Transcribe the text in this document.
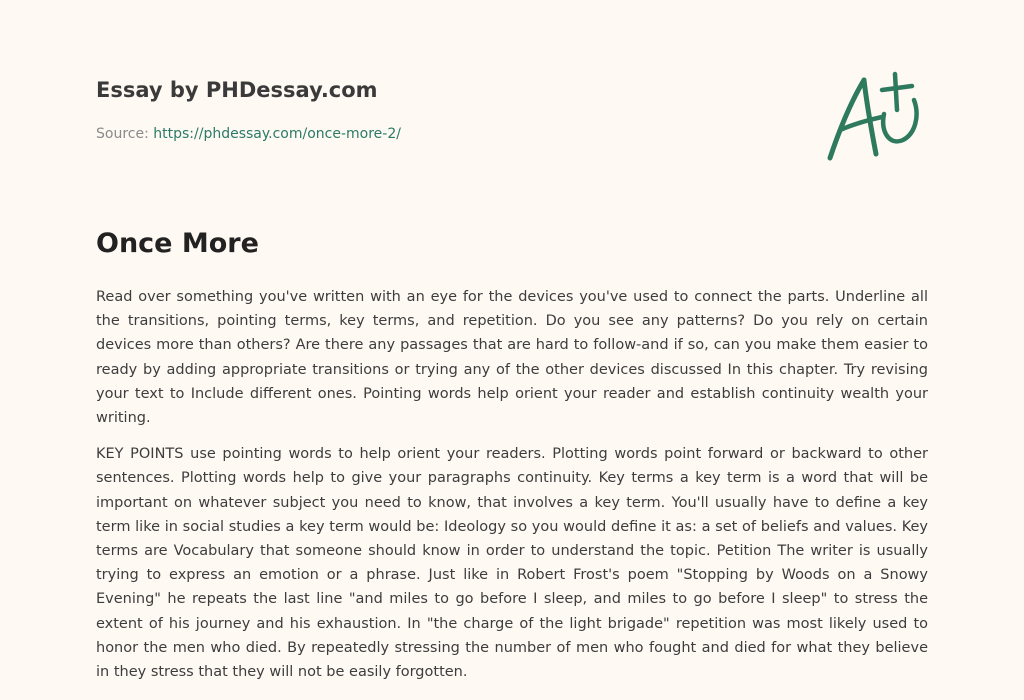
Essay by PHDessay.com
Source: https://phdessay.com/once-more-2/
Once More

Read over something you've written with an eye for the devices you've used to connect the parts. Underline all the transitions, pointing terms, key terms, and repetition. Do you see any patterns? Do you rely on certain devices more than others? Are there any passages that are hard to follow-and if so, can you make them easier to ready by adding appropriate transitions or trying any of the other devices discussed In this chapter. Try revising your text to Include different ones. Pointing words help orient your reader and establish continuity wealth your writing.

KEY POINTS use pointing words to help orient your readers. Plotting words point forward or backward to other sentences. Plotting words help to give your paragraphs continuity. Key terms a key term is a word that will be important on whatever subject you need to know, that involves a key term. You'll usually have to define a key term like in social studies a key term would be: Ideology so you would define it as: a set of beliefs and values. Key terms are Vocabulary that someone should know in order to understand the topic. Petition The writer is usually trying to express an emotion or a phrase. Just like in Robert Frost's poem "Stopping by Woods on a Snowy Evening" he repeats the last line "and miles to go before I sleep, and miles to go before I sleep" to stress the extent of his journey and his exhaustion. In "the charge of the light brigade" repetition was most likely used to honor the men who died. By repeatedly stressing the number of men who fought and died for what they believe in they stress that they will not be easily forgotten.
